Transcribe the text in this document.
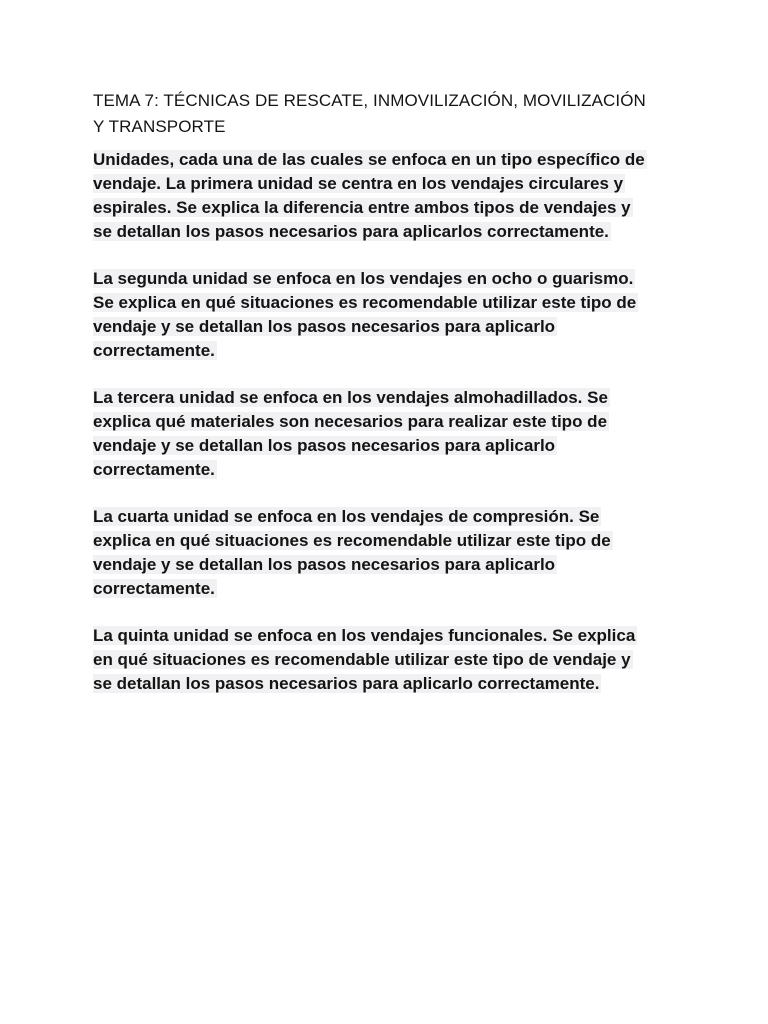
TEMA 7: TÉCNICAS DE RESCATE, INMOVILIZACIÓN, MOVILIZACIÓN
Y TRANSPORTE

Unidades, cada una de las cuales se enfoca en un tipo específico de
vendaje. La primera unidad se centra en los vendajes circulares y
espirales. Se explica la diferencia entre ambos tipos de vendajes y
se detallan los pasos necesarios para aplicarlos correctamente.

La segunda unidad se enfoca en los vendajes en ocho o guarismo.
Se explica en qué situaciones es recomendable utilizar este tipo de
vendaje y se detallan los pasos necesarios para aplicarlo
correctamente.

La tercera unidad se enfoca en los vendajes almohadillados. Se
explica qué materiales son necesarios para realizar este tipo de
vendaje y se detallan los pasos necesarios para aplicarlo
correctamente.

La cuarta unidad se enfoca en los vendajes de compresión. Se
explica en qué situaciones es recomendable utilizar este tipo de
vendaje y se detallan los pasos necesarios para aplicarlo
correctamente.

La quinta unidad se enfoca en los vendajes funcionales. Se explica
en qué situaciones es recomendable utilizar este tipo de vendaje y
se detallan los pasos necesarios para aplicarlo correctamente.
